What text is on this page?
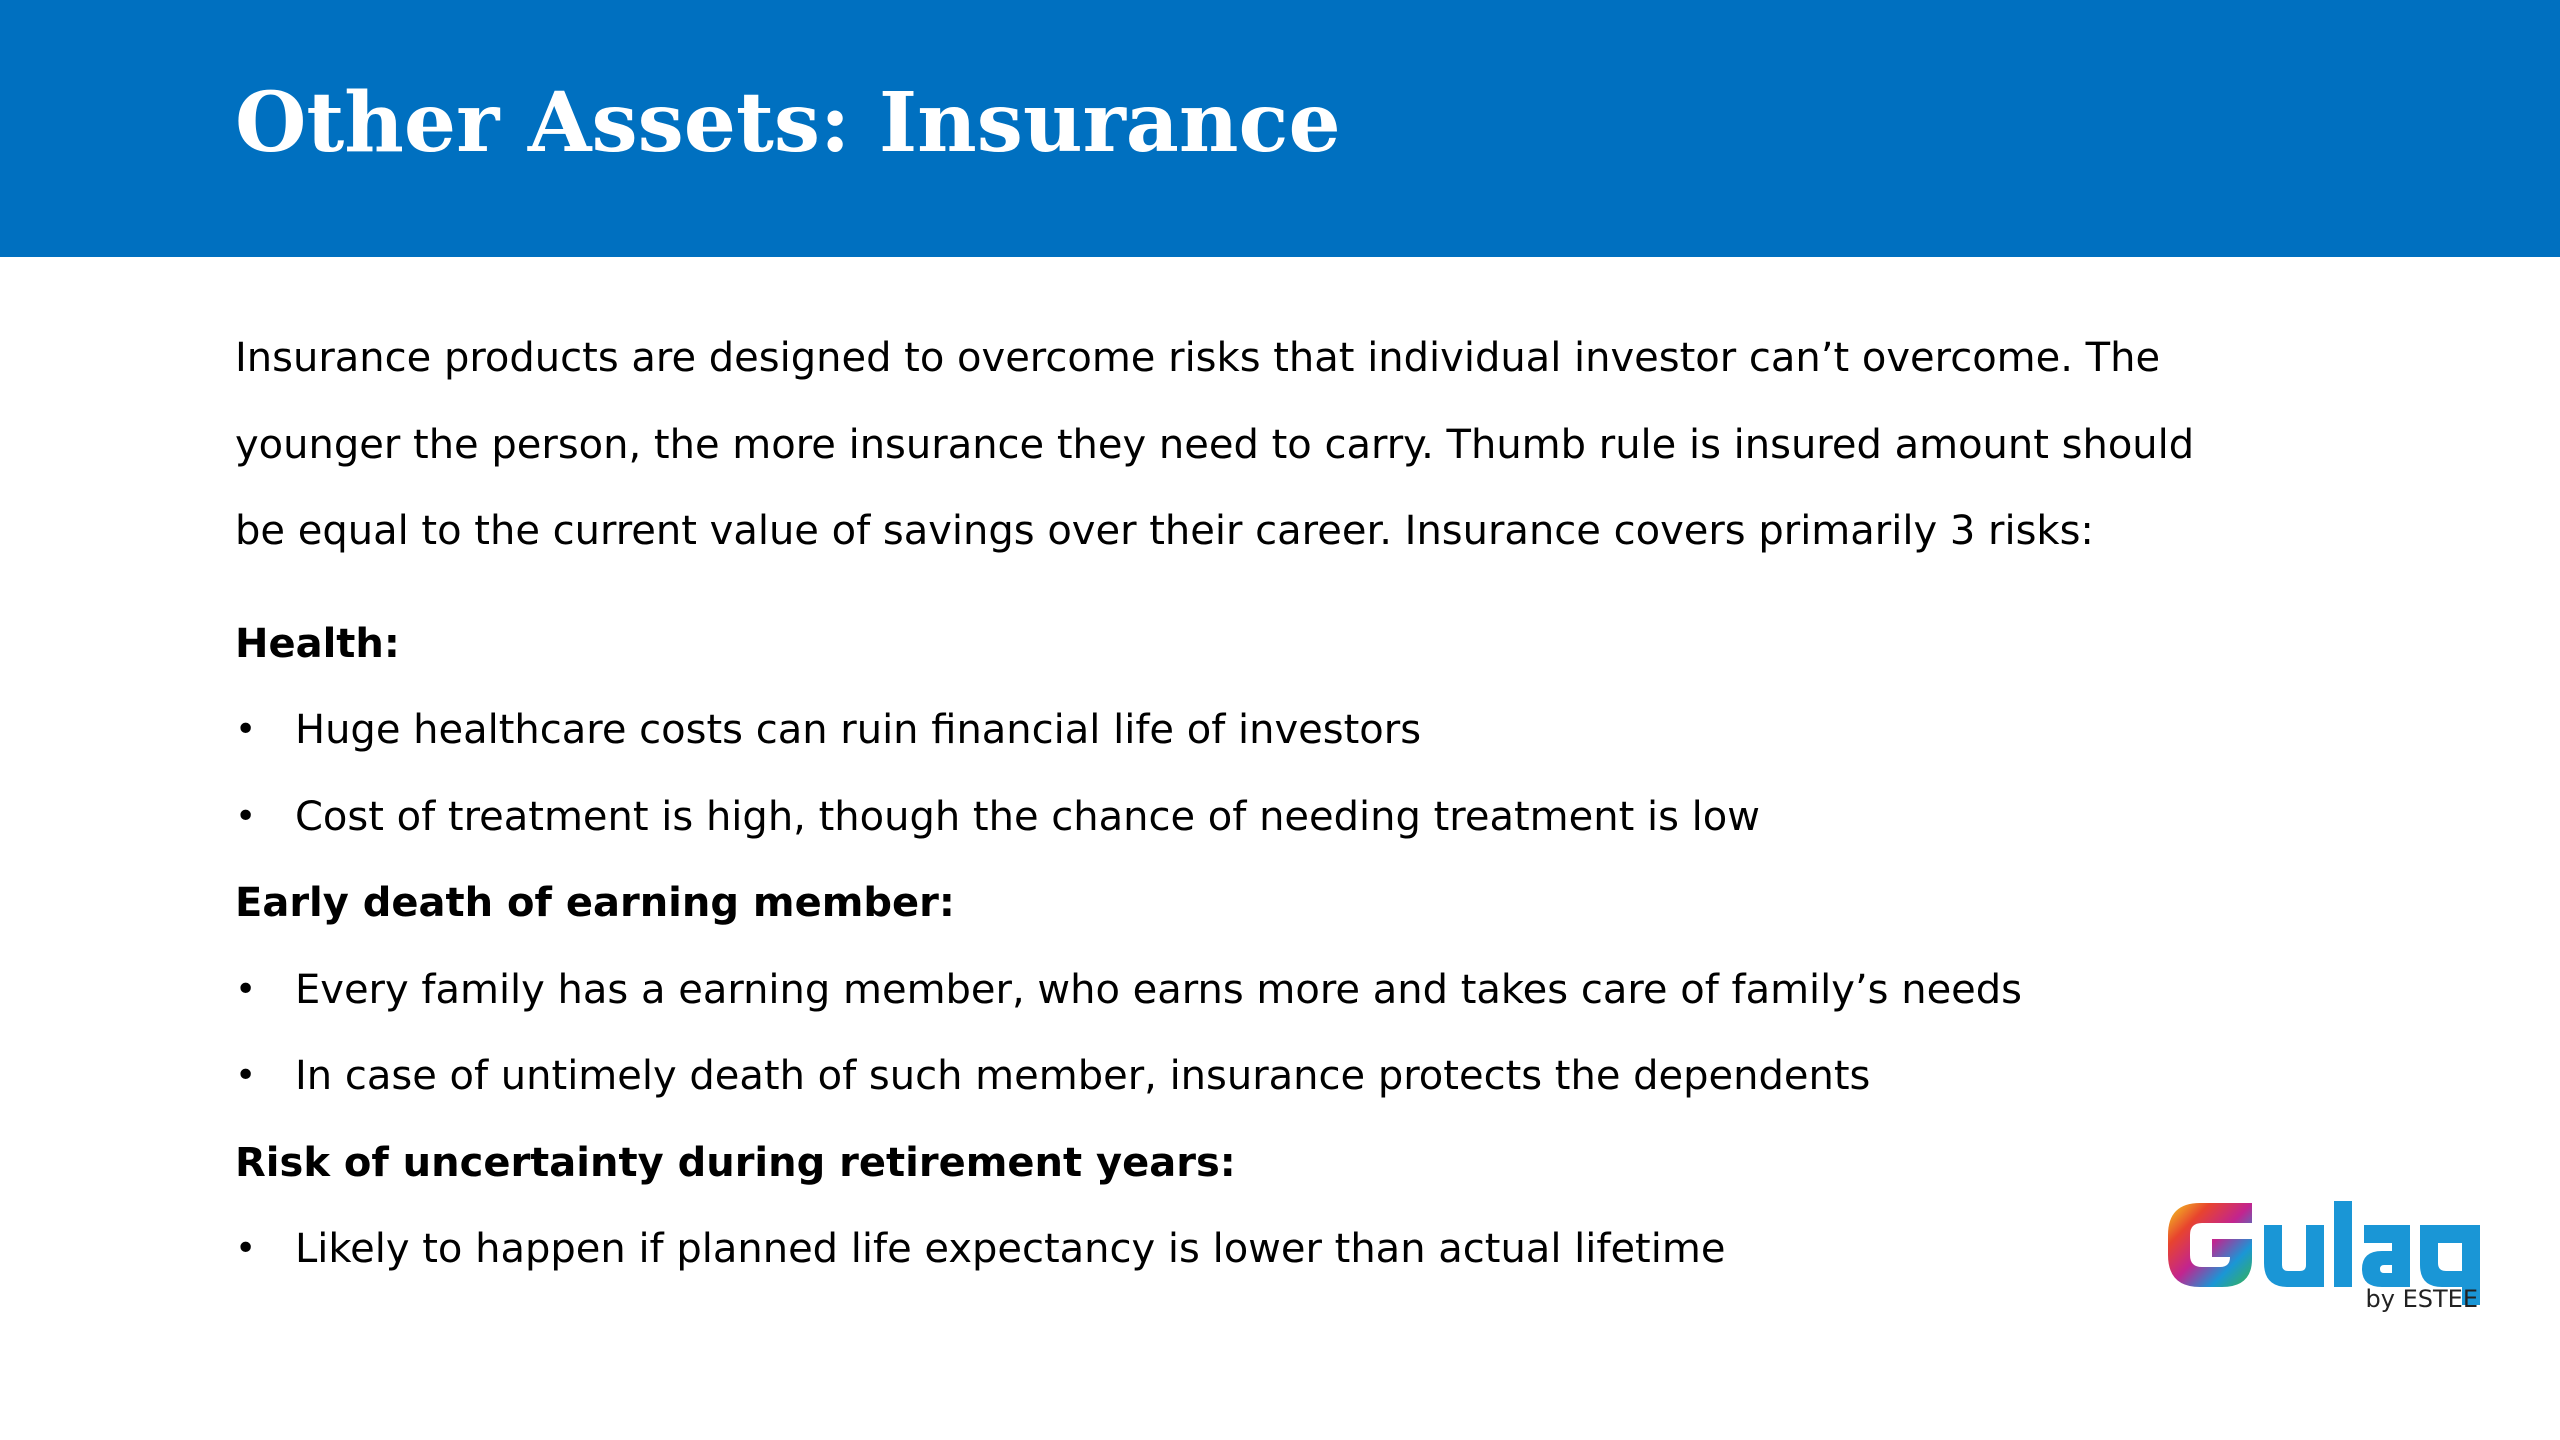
Other Assets: Insurance

Insurance products are designed to overcome risks that individual investor can’t overcome. The younger the person, the more insurance they need to carry. Thumb rule is insured amount should be equal to the current value of savings over their career. Insurance covers primarily 3 risks:

Health:
• Huge healthcare costs can ruin financial life of investors
• Cost of treatment is high, though the chance of needing treatment is low
Early death of earning member:
• Every family has a earning member, who earns more and takes care of family’s needs
• In case of untimely death of such member, insurance protects the dependents
Risk of uncertainty during retirement years:
• Likely to happen if planned life expectancy is lower than actual lifetime
by ESTEE
